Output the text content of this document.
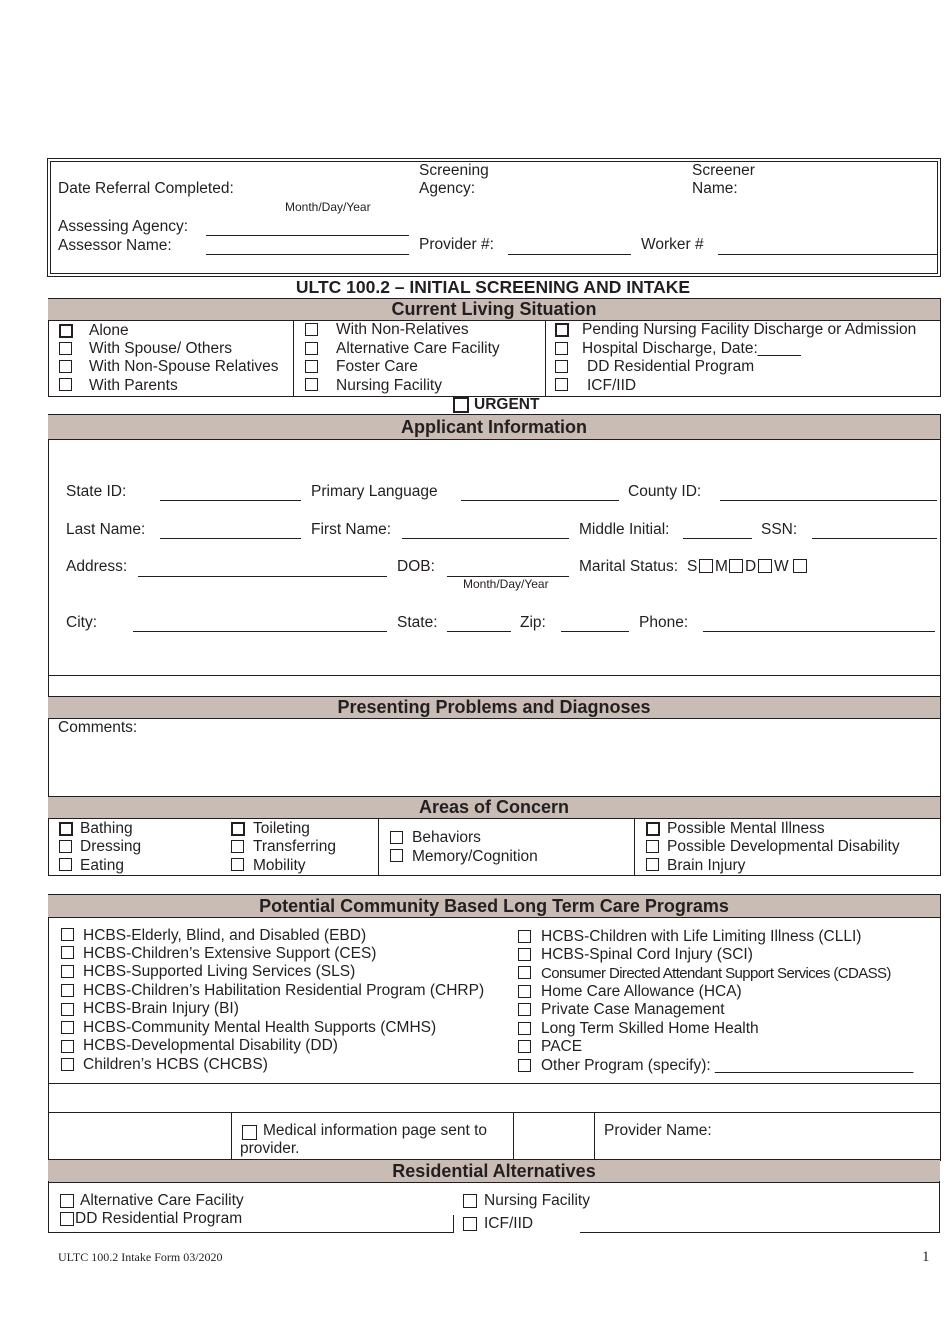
Date Referral Completed:
Month/Day/Year
Screening
Agency:
Screener
Name:
Assessing Agency:
Assessor Name:	Provider #:	Worker #
ULTC 100.2 – INITIAL SCREENING AND INTAKE
Current Living Situation
Alone
With Spouse/ Others
With Non-Spouse Relatives
With Parents
With Non-Relatives
Alternative Care Facility
Foster Care
Nursing Facility
Pending Nursing Facility Discharge or Admission
Hospital Discharge, Date:_____
DD Residential Program
ICF/IID
URGENT
Applicant Information
State ID:	Primary Language	County ID:
Last Name:	First Name:	Middle Initial:	SSN:
Address:	DOB:
Month/Day/Year
Marital Status: S M D W
City:	State:	Zip:	Phone:
Presenting Problems and Diagnoses
Comments:
Areas of Concern
Bathing
Dressing
Eating
Toileting
Transferring
Mobility
Behaviors
Memory/Cognition
Possible Mental Illness
Possible Developmental Disability
Brain Injury
Potential Community Based Long Term Care Programs
HCBS-Elderly, Blind, and Disabled (EBD)
HCBS-Children’s Extensive Support (CES)
HCBS-Supported Living Services (SLS)
HCBS-Children’s Habilitation Residential Program (CHRP)
HCBS-Brain Injury (BI)
HCBS-Community Mental Health Supports (CMHS)
HCBS-Developmental Disability (DD)
Children’s HCBS (CHCBS)
HCBS-Children with Life Limiting Illness (CLLI)
HCBS-Spinal Cord Injury (SCI)
Consumer Directed Attendant Support Services (CDASS)
Home Care Allowance (HCA)
Private Case Management
Long Term Skilled Home Health
PACE
Other Program (specify): _______________________
Medical information page sent to
provider.
Provider Name:
Residential Alternatives
Alternative Care Facility
DD Residential Program
Nursing Facility
ICF/IID
ULTC 100.2 Intake Form 03/2020	1
